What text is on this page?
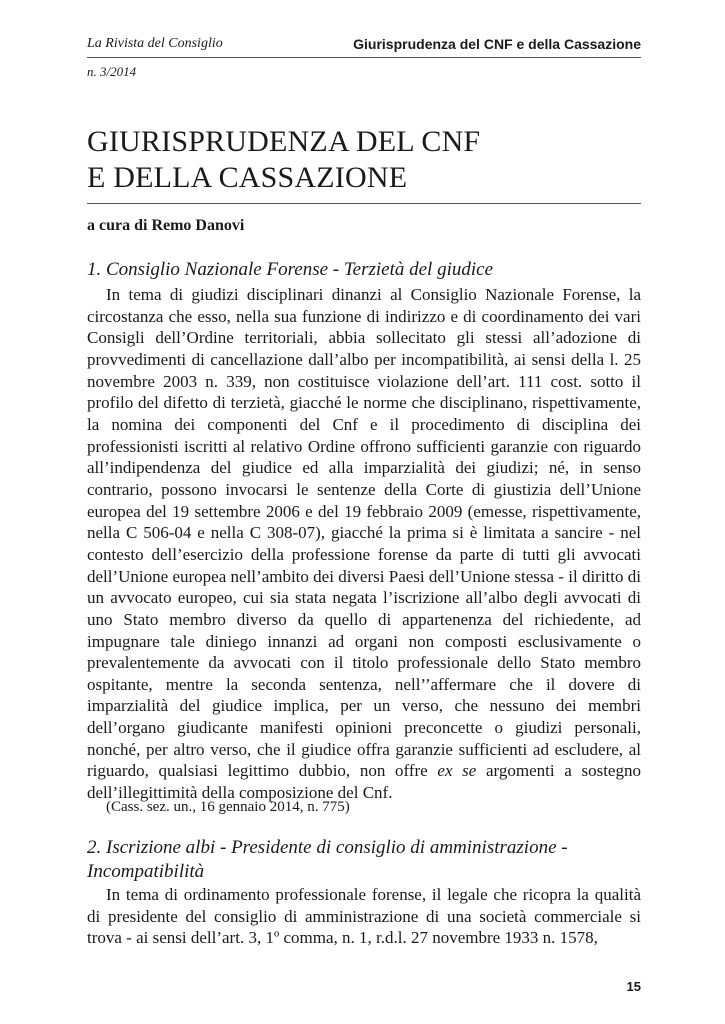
La Rivista del Consiglio	Giurisprudenza del CNF e della Cassazione
n. 3/2014
GIURISPRUDENZA DEL CNF
E DELLA CASSAZIONE
a cura di Remo Danovi
1. Consiglio Nazionale Forense - Terzietà del giudice

In tema di giudizi disciplinari dinanzi al Consiglio Nazionale Forense, la circostanza che esso, nella sua funzione di indirizzo e di coordinamento dei vari Consigli dell’Ordine territoriali, abbia sollecitato gli stessi all’adozione di provvedimenti di cancellazione dall’albo per incompatibilità, ai sensi della l. 25 novembre 2003 n. 339, non costituisce violazione dell’art. 111 cost. sotto il profilo del difetto di terzietà, giacché le norme che disciplinano, rispettivamente, la nomina dei componenti del Cnf e il procedimento di disciplina dei professionisti iscritti al relativo Ordine offrono sufficienti garanzie con riguardo all’indipendenza del giudice ed alla imparzialità dei giudizi; né, in senso contrario, possono invocarsi le sentenze della Corte di giustizia dell’Unione europea del 19 settembre 2006 e del 19 febbraio 2009 (emesse, rispettivamente, nella C 506-04 e nella C 308-07), giacché la prima si è limitata a sancire - nel contesto dell’esercizio della professione forense da parte di tutti gli avvocati dell’Unione europea nell’ambito dei diversi Paesi dell’Unione stessa - il diritto di un avvocato europeo, cui sia stata negata l’iscrizione all’albo degli avvocati di uno Stato membro diverso da quello di appartenenza del richiedente, ad impugnare tale diniego innanzi ad organi non composti esclusivamente o prevalentemente da avvocati con il titolo professionale dello Stato membro ospitante, mentre la seconda sentenza, nell’’affermare che il dovere di imparzialità del giudice implica, per un verso, che nessuno dei membri dell’organo giudicante manifesti opinioni preconcette o giudizi personali, nonché, per altro verso, che il giudice offra garanzie sufficienti ad escludere, al riguardo, qualsiasi legittimo dubbio, non offre ex se argomenti a sostegno dell’illegittimità della composizione del Cnf.

(Cass. sez. un., 16 gennaio 2014, n. 775)
2. Iscrizione albi - Presidente di consiglio di amministrazione - Incompatibilità

In tema di ordinamento professionale forense, il legale che ricopra la qualità di presidente del consiglio di amministrazione di una società commerciale si trova - ai sensi dell’art. 3, 1º comma, n. 1, r.d.l. 27 novembre 1933 n. 1578,

15
